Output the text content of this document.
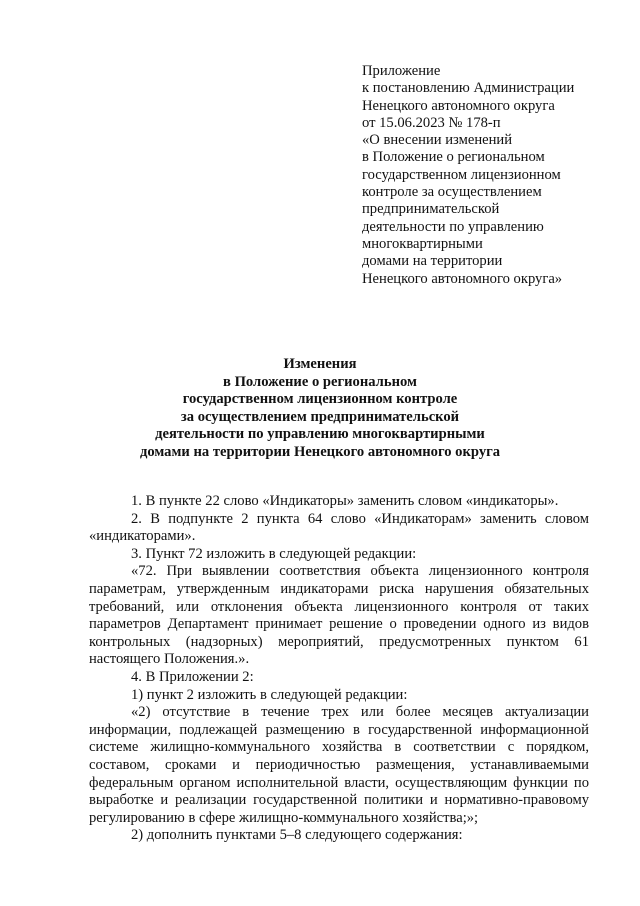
Приложение
к постановлению Администрации
Ненецкого автономного округа
от 15.06.2023 № 178-п
«О внесении изменений
в Положение о региональном
государственном лицензионном
контроле за осуществлением
предпринимательской
деятельности по управлению
многоквартирными
домами на территории
Ненецкого автономного округа»
Изменения
в Положение о региональном
государственном лицензионном контроле
за осуществлением предпринимательской
деятельности по управлению многоквартирными
домами на территории Ненецкого автономного округа

1. В пункте 22 слово «Индикаторы» заменить словом «индикаторы».

2. В подпункте 2 пункта 64 слово «Индикаторам» заменить словом «индикаторами».

3. Пункт 72 изложить в следующей редакции:

«72. При выявлении соответствия объекта лицензионного контроля параметрам, утвержденным индикаторами риска нарушения обязательных требований, или отклонения объекта лицензионного контроля от таких параметров Департамент принимает решение о проведении одного из видов контрольных (надзорных) мероприятий, предусмотренных пунктом 61 настоящего Положения.».

4. В Приложении 2:

1) пункт 2 изложить в следующей редакции:

«2) отсутствие в течение трех или более месяцев актуализации информации, подлежащей размещению в государственной информационной системе жилищно-коммунального хозяйства в соответствии с порядком, составом, сроками и периодичностью размещения, устанавливаемыми федеральным органом исполнительной власти, осуществляющим функции по выработке и реализации государственной политики и нормативно-правовому регулированию в сфере жилищно-коммунального хозяйства;»;

2) дополнить пунктами 5–8 следующего содержания:
